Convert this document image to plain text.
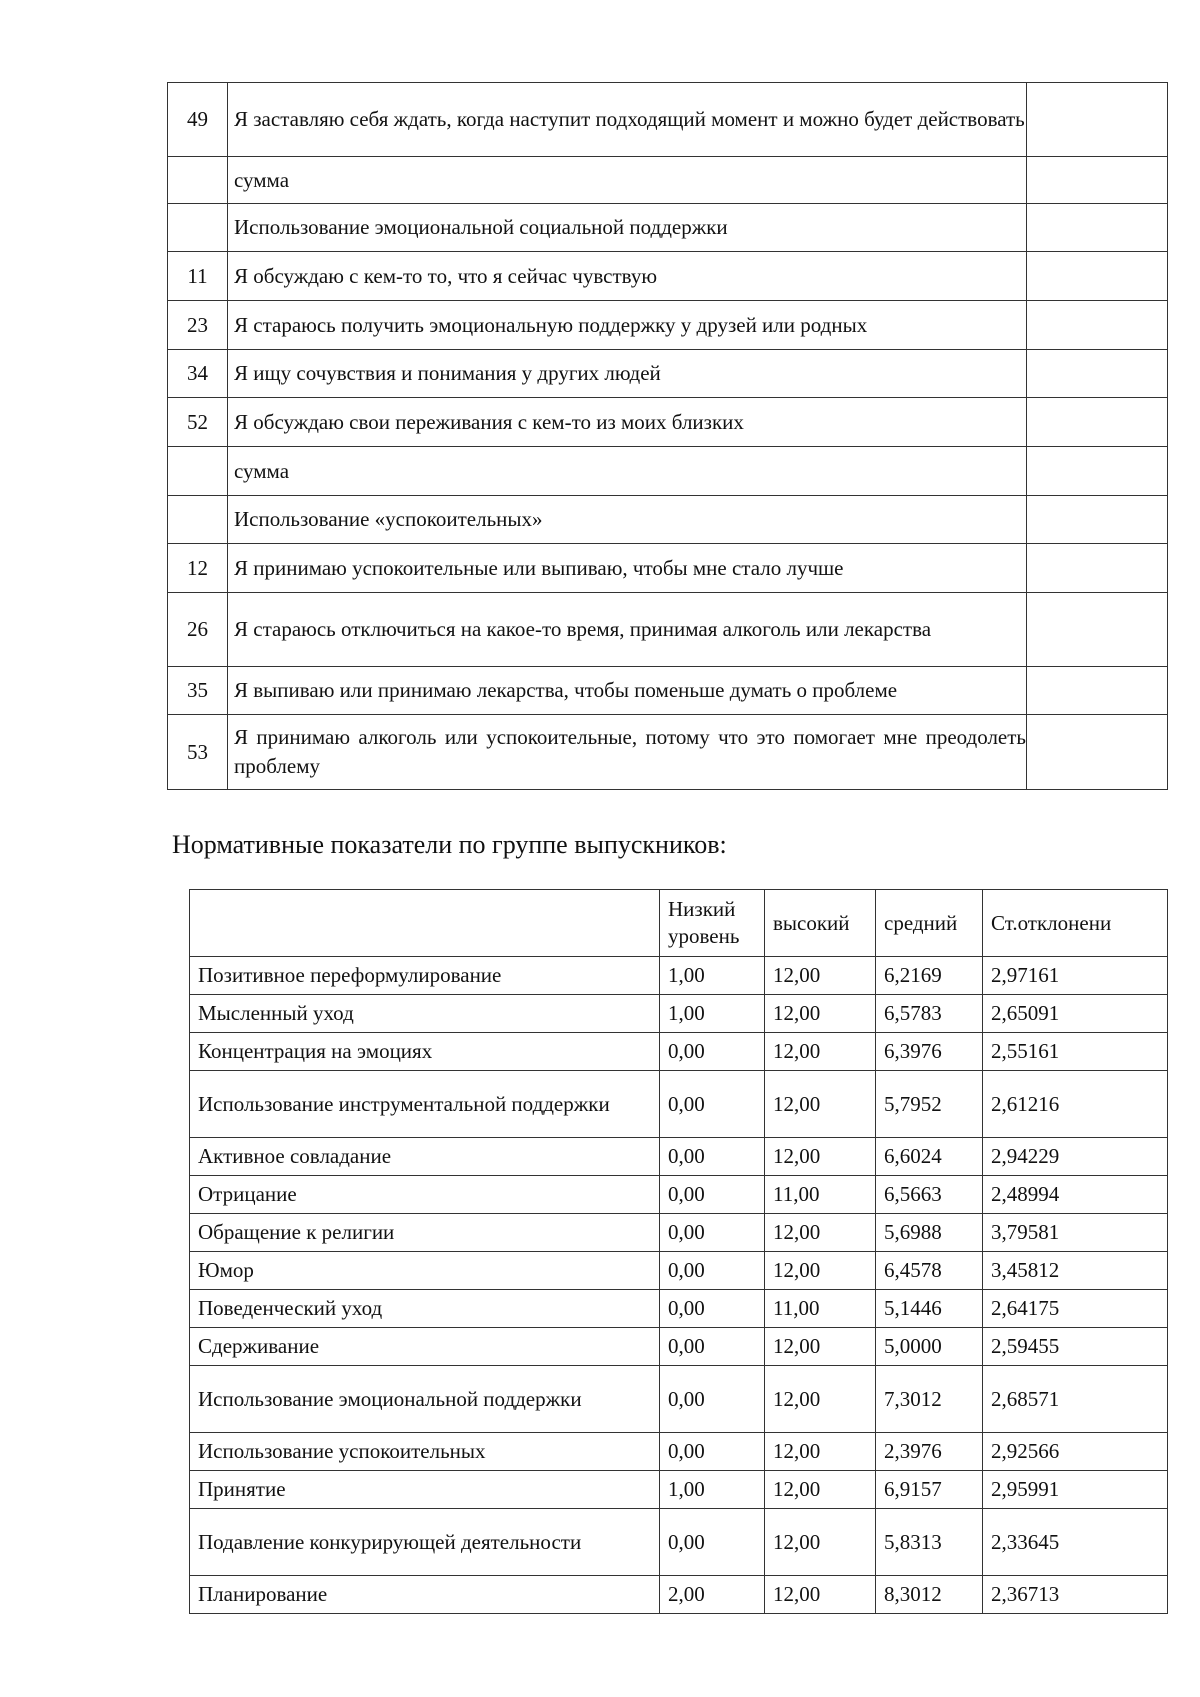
49	Я заставляю себя ждать, когда наступит подходящий момент и можно будет действовать	
	сумма	
	Использование эмоциональной социальной поддержки	
11	Я обсуждаю с кем-то то, что я сейчас чувствую	
23	Я стараюсь получить эмоциональную поддержку у друзей или родных	
34	Я ищу сочувствия и понимания у других людей	
52	Я обсуждаю свои переживания с кем-то из моих близких	
	сумма	
	Использование «успокоительных»	
12	Я принимаю успокоительные или выпиваю, чтобы мне стало лучше	
26	Я стараюсь отключиться на какое-то время, принимая алкоголь или лекарства	
35	Я выпиваю или принимаю лекарства, чтобы поменьше думать о проблеме	
53	Я принимаю алкоголь или успокоительные, потому что это помогает мне преодолеть проблему	
Нормативные показатели по группе выпускников:
	Низкий уровень	высокий	средний	Ст.отклонени
Позитивное переформулирование	1,00	12,00	6,2169	2,97161
Мысленный уход	1,00	12,00	6,5783	2,65091
Концентрация на эмоциях	0,00	12,00	6,3976	2,55161
Использование инструментальной поддержки	0,00	12,00	5,7952	2,61216
Активное совладание	0,00	12,00	6,6024	2,94229
Отрицание	0,00	11,00	6,5663	2,48994
Обращение к религии	0,00	12,00	5,6988	3,79581
Юмор	0,00	12,00	6,4578	3,45812
Поведенческий уход	0,00	11,00	5,1446	2,64175
Сдерживание	0,00	12,00	5,0000	2,59455
Использование эмоциональной поддержки	0,00	12,00	7,3012	2,68571
Использование успокоительных	0,00	12,00	2,3976	2,92566
Принятие	1,00	12,00	6,9157	2,95991
Подавление конкурирующей деятельности	0,00	12,00	5,8313	2,33645
Планирование	2,00	12,00	8,3012	2,36713
